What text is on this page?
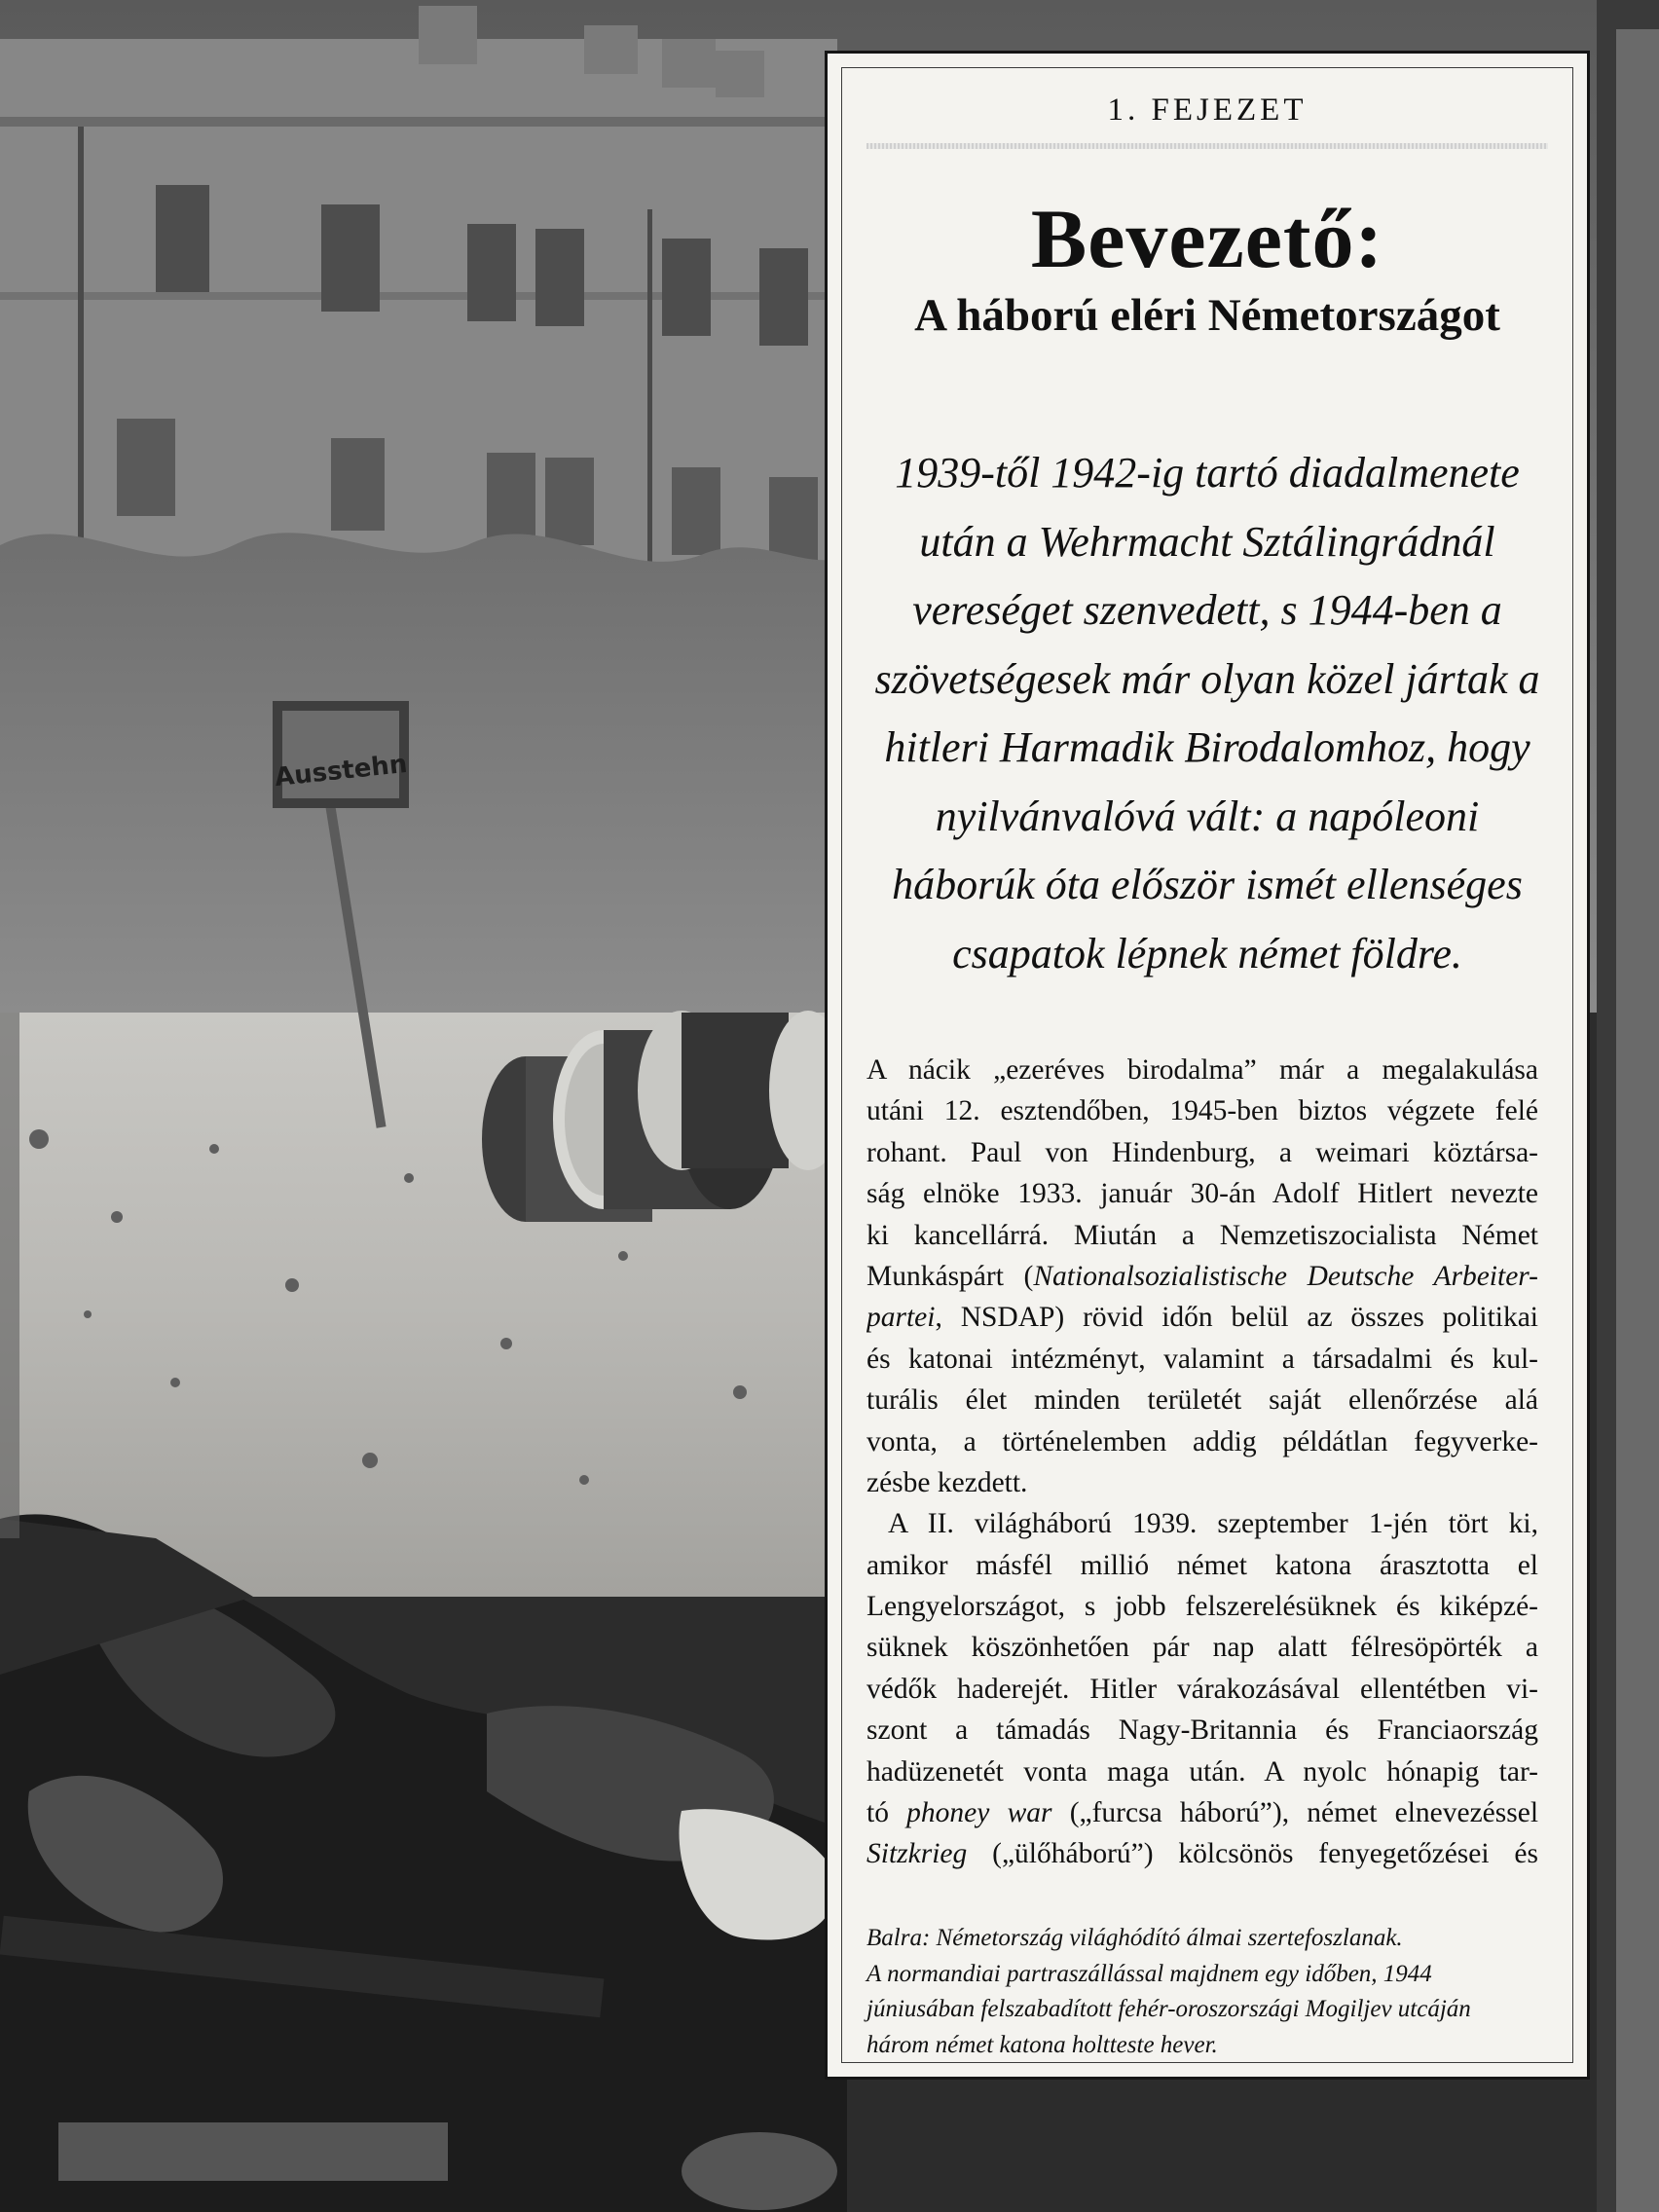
Ausstehn
1. FEJEZET
Bevezető:
A háború eléri Németországot
1939-től 1942-ig tartó diadalmenete
után a Wehrmacht Sztálingrádnál
vereséget szenvedett, s 1944-ben a
szövetségesek már olyan közel jártak a
hitleri Harmadik Birodalomhoz, hogy
nyilvánvalóvá vált: a napóleoni
háborúk óta először ismét ellenséges
csapatok lépnek német földre.
A nácik „ezeréves birodalma” már a megalakulása
utáni 12. esztendőben, 1945-ben biztos végzete felé
rohant. Paul von Hindenburg, a weimari köztársa-
ság elnöke 1933. január 30-án Adolf Hitlert nevezte
ki kancellárrá. Miután a Nemzetiszocialista Német
Munkáspárt (Nationalsozialistische Deutsche Arbeiter-
partei, NSDAP) rövid időn belül az összes politikai
és katonai intézményt, valamint a társadalmi és kul-
turális élet minden területét saját ellenőrzése alá
vonta, a történelemben addig példátlan fegyverke-
zésbe kezdett.
A II. világháború 1939. szeptember 1-jén tört ki,
amikor másfél millió német katona árasztotta el
Lengyelországot, s jobb felszerelésüknek és kiképzé-
süknek köszönhetően pár nap alatt félresöpörték a
védők haderejét. Hitler várakozásával ellentétben vi-
szont a támadás Nagy-Britannia és Franciaország
hadüzenetét vonta maga után. A nyolc hónapig tar-
tó phoney war („furcsa háború”), német elnevezéssel
Sitzkrieg („ülőháború”) kölcsönös fenyegetőzései és
Balra: Németország világhódító álmai szertefoszlanak.
A normandiai partraszállással majdnem egy időben, 1944
júniusában felszabadított fehér-oroszországi Mogiljev utcáján
három német katona holtteste hever.
